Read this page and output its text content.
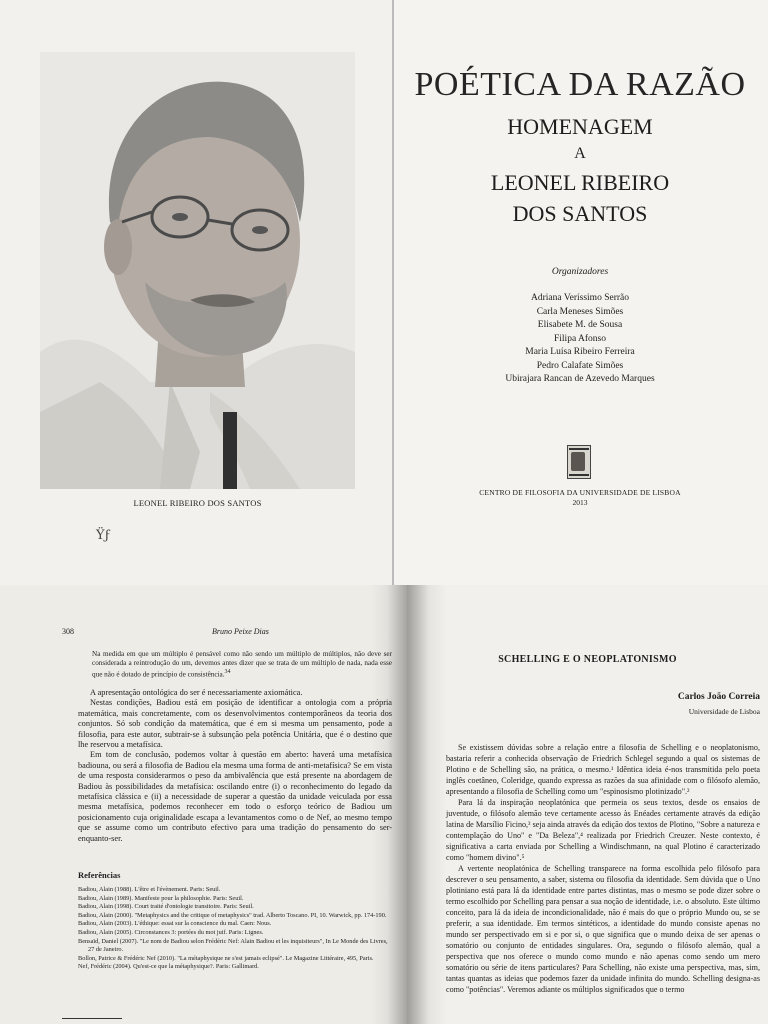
LEONEL RIBEIRO DOS SANTOS
Ϋϝ
POÉTICA DA RAZÃO
HOMENAGEM
A
LEONEL RIBEIRO
DOS SANTOS
Organizadores
Adriana Veríssimo Serrão
Carla Meneses Simões
Elisabete M. de Sousa
Filipa Afonso
Maria Luísa Ribeiro Ferreira
Pedro Calafate Simões
Ubirajara Rancan de Azevedo Marques
CENTRO DE FILOSOFIA DA UNIVERSIDADE DE LISBOA
2013
308	Bruno Peixe Dias
Na medida em que um múltiplo é pensável como não sendo um múltiplo de múltiplos, não deve ser considerada a reintrodução do um, devemos antes dizer que se trata de um múltiplo de nada, nada esse que não é dotado de princípio de consistência.$^{34}$

A apresentação ontológica do ser é necessariamente axiomática.

Nestas condições, Badiou está em posição de identificar a ontologia com a própria matemática, mais concretamente, com os desenvolvimentos contemporâneos da teoria dos conjuntos. Só sob condição da matemática, que é em si mesma um pensamento, pode a filosofia, para este autor, subtrair-se à subsunção pela potência Unitária, que é o destino que lhe reservou a metafísica.

Em tom de conclusão, podemos voltar à questão em aberto: haverá uma metafísica badiouna, ou será a filosofia de Badiou ela mesma uma forma de anti-metafísica? Se em vista de uma resposta considerarmos o peso da ambivalência que está presente na abordagem de Badiou às possibilidades da metafísica: oscilando entre (i) o reconhecimento do legado da metafísica clássica e (ii) a necessidade de superar a questão da unidade veiculada por essa mesma metafísica, podemos reconhecer em todo o esforço teórico de Badiou um posicionamento cuja originalidade escapa a levantamentos como o de Nef, ao mesmo tempo que se assume como um contributo efectivo para uma tradição do pensamento do ser-enquanto-ser.

Referências
Badiou, Alain (1988). L'être et l'évènement. Paris: Seuil.
Badiou, Alain (1989). Manifeste pour la philosophie. Paris: Seuil.
Badiou, Alain (1998). Court traité d'ontologie transitoire. Paris: Seuil.
Badiou, Alain (2000). "Metaphysics and the critique of metaphysics" trad. Alberto Toscano. PI, 10. Warwick, pp. 174-190.
Badiou, Alain (2003). L'éthique: essai sur la conscience du mal. Caen: Nous.
Badiou, Alain (2005). Circonstances 3: portées du mot juif. Paris: Lignes.
Bensaïd, Daniel (2007). "Le nom de Badiou selon Frédéric Nef: Alain Badiou et les inquisiteurs", In Le Monde des Livres, 27 de Janeiro.
Bollon, Patrice & Frédéric Nef (2010). "La métaphysique ne s'est jamais eclipsé". Le Magazine Littéraire, 495, Paris.
Nef, Frédéric (2004). Qu'est-ce que la métaphysique?. Paris: Gallimard.
SCHELLING E O NEOPLATONISMO
Carlos João Correia
Universidade de Lisboa

Se existissem dúvidas sobre a relação entre a filosofia de Schelling e o neoplatonismo, bastaria referir a conhecida observação de Friedrich Schlegel segundo a qual os sistemas de Plotino e de Schelling são, na prática, o mesmo.¹ Idêntica ideia é-nos transmitida pelo poeta inglês coetâneo, Coleridge, quando expressa as razões da sua afinidade com o filósofo alemão, apresentando a filosofia de Schelling como um "espinosismo plotinizado".²

Para lá da inspiração neoplatónica que permeia os seus textos, desde os ensaios de juventude, o filósofo alemão teve certamente acesso às Enéades certamente através da edição latina de Marsílio Ficino,³ seja ainda através da edição dos textos de Plotino, "Sobre a natureza e contemplação do Uno" e "Da Beleza",⁴ realizada por Friedrich Creuzer. Neste contexto, é significativa a carta enviada por Schelling a Windischmann, na qual Plotino é caracterizado como "homem divino".⁵

A vertente neoplatónica de Schelling transparece na forma escolhida pelo filósofo para descrever o seu pensamento, a saber, sistema ou filosofia da identidade. Sem dúvida que o Uno plotiniano está para lá da identidade entre partes distintas, mas o mesmo se pode dizer sobre o termo escolhido por Schelling para pensar a sua noção de identidade, i.e. o absoluto. Este último conceito, para lá da ideia de incondicionalidade, não é mais do que o próprio Mundo ou, se se preferir, a sua identidade. Em termos sintéticos, a identidade do mundo consiste apenas no mundo ser perspectivado em si e por si, o que significa que o mundo deixa de ser apenas o somatório ou conjunto de entidades singulares. Ora, segundo o filósofo alemão, qual a perspectiva que nos oferece o mundo como mundo e não apenas como sendo um mero somatório ou série de itens particulares? Para Schelling, não existe uma perspectiva, mas, sim, tantas quantas as ideias que podemos fazer da unidade infinita do mundo. Schelling designa-as como "potências". Veremos adiante os múltiplos significados que o termo
